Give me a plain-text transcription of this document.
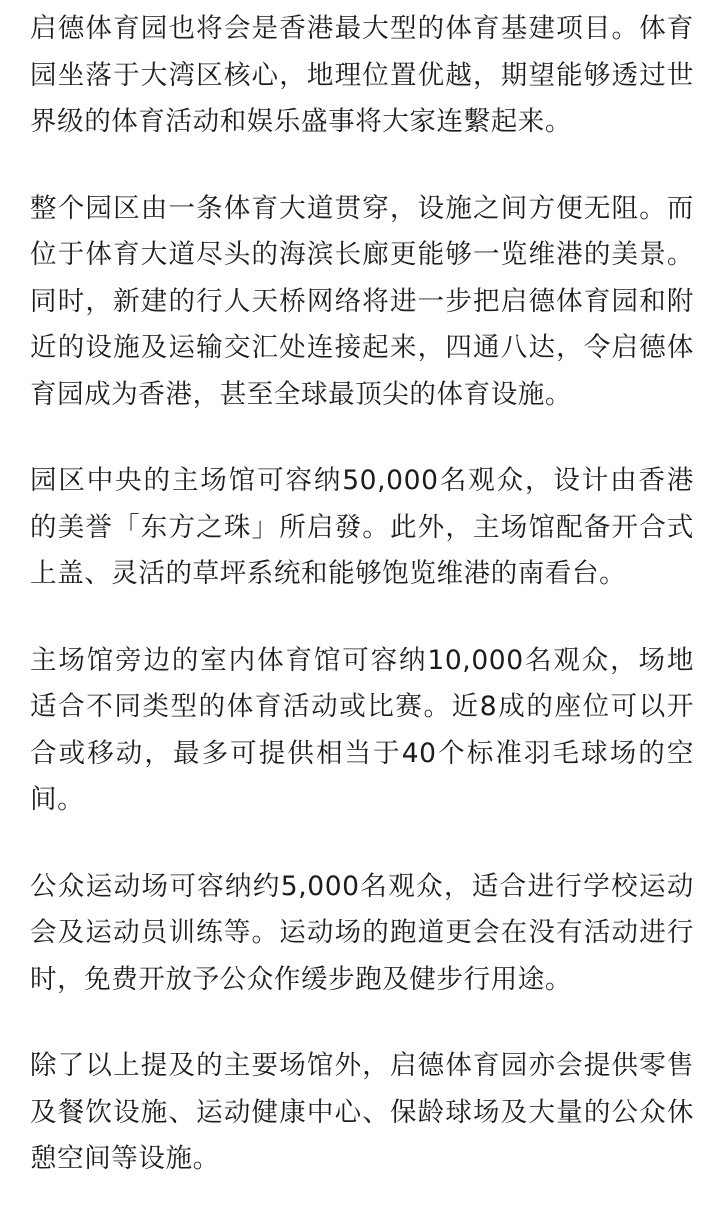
启德体育园也将会是香港最大型的体育基建项目。体育园坐落于大湾区核心，地理位置优越，期望能够透过世界级的体育活动和娱乐盛事将大家连繫起来。

整个园区由一条体育大道贯穿，设施之间方便无阻。而位于体育大道尽头的海滨长廊更能够一览维港的美景。同时，新建的行人天桥网络将进一步把启德体育园和附近的设施及运输交汇处连接起来，四通八达，令启德体育园成为香港，甚至全球最顶尖的体育设施。

园区中央的主场馆可容纳50,000名观众，设计由香港的美誉「东方之珠」所启發。此外，主场馆配备开合式上盖、灵活的草坪系统和能够饱览维港的南看台。

主场馆旁边的室内体育馆可容纳10,000名观众，场地适合不同类型的体育活动或比赛。近8成的座位可以开合或移动，最多可提供相当于40个标准羽毛球场的空间。

公众运动场可容纳约5,000名观众，适合进行学校运动会及运动员训练等。运动场的跑道更会在没有活动进行时，免费开放予公众作缓步跑及健步行用途。

除了以上提及的主要场馆外，启德体育园亦会提供零售及餐饮设施、运动健康中心、保龄球场及大量的公众休憩空间等设施。
